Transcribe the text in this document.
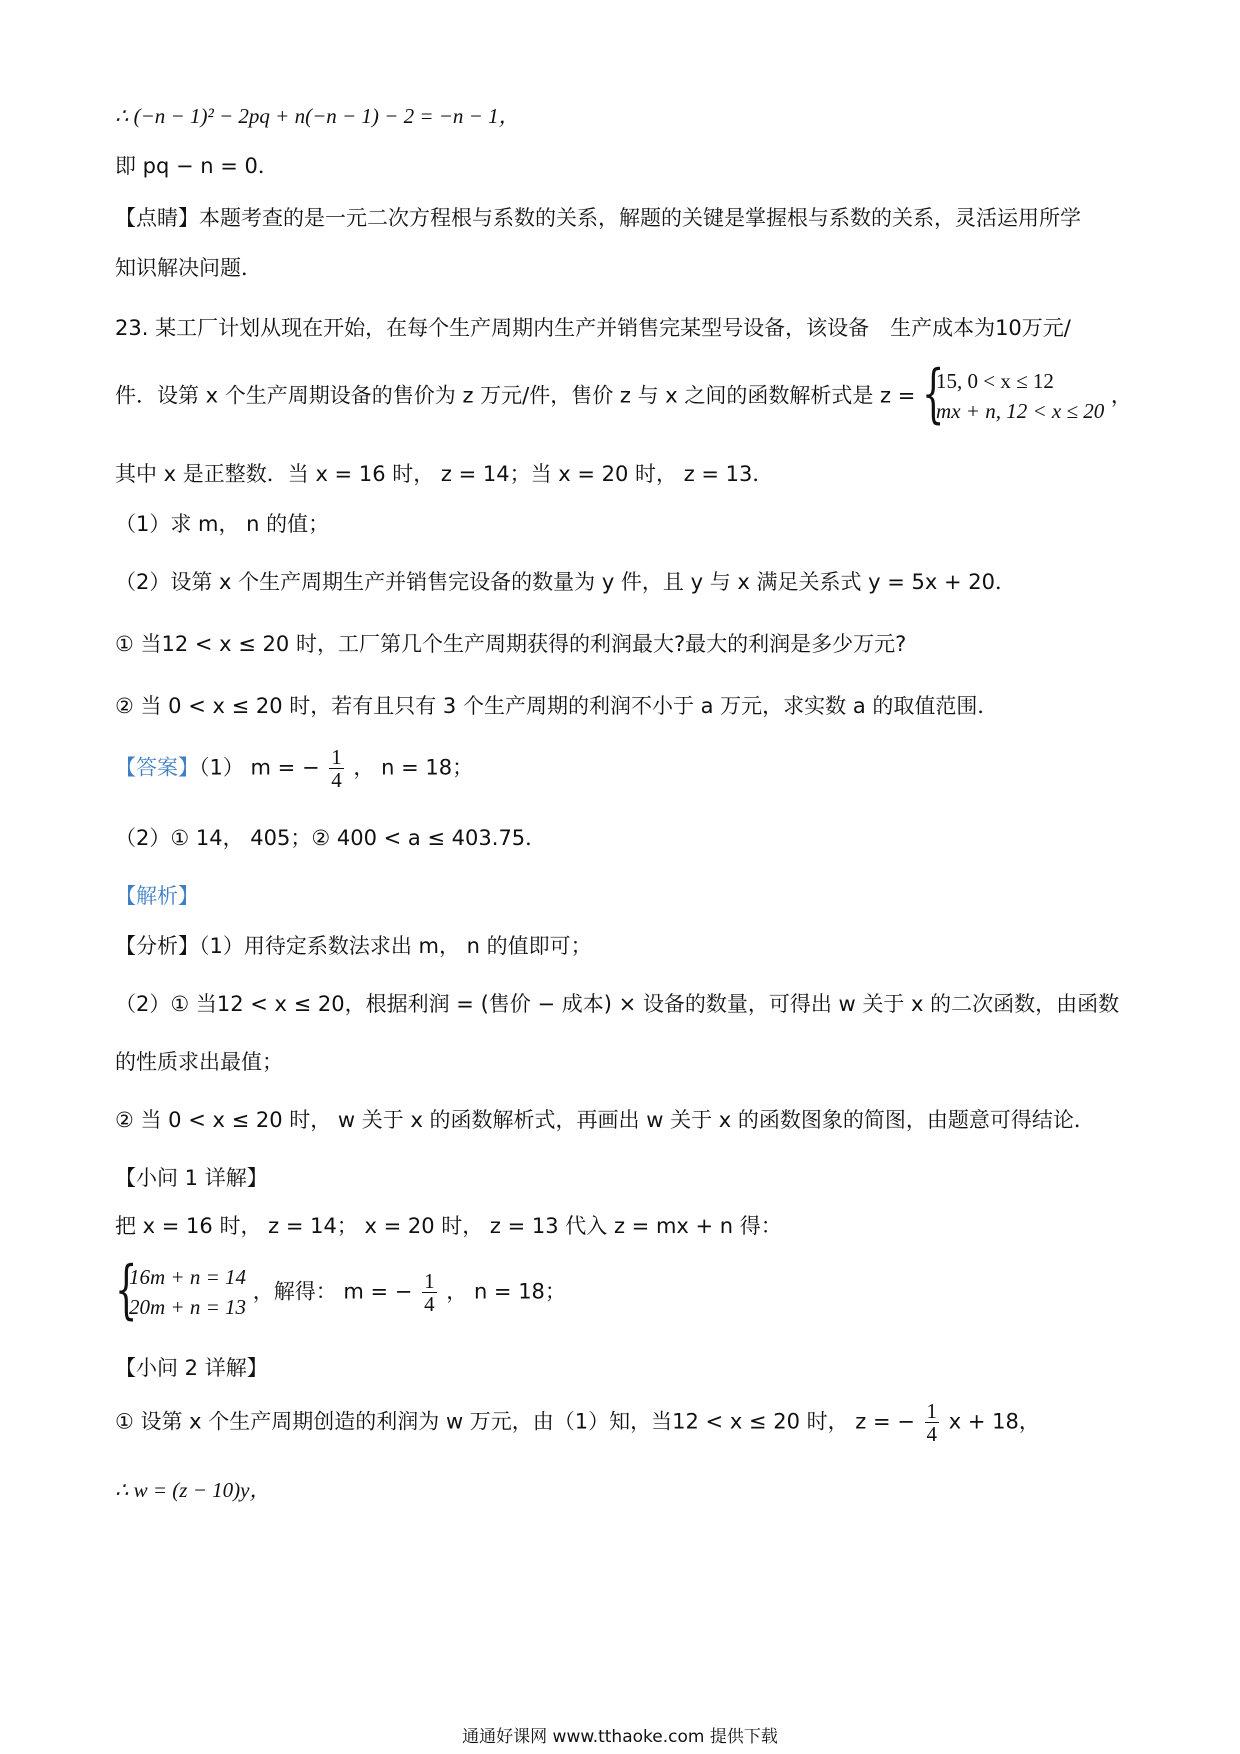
∴ (−n − 1)² − 2pq + n(−n − 1) − 2 = −n − 1，
即 pq − n = 0．
【点睛】本题考查的是一元二次方程根与系数的关系，解题的关键是掌握根与系数的关系，灵活运用所学
知识解决问题．
23. 某工厂计划从现在开始，在每个生产周期内生产并销售完某型号设备，该设备　生产成本为10万元/
件．设第 x 个生产周期设备的售价为 z 万元/件，售价 z 与 x 之间的函数解析式是 z = {
15, 0 < x ≤ 12
mx + n, 12 < x ≤ 20
，
其中 x 是正整数．当 x = 16 时， z = 14；当 x = 20 时， z = 13．
（1）求 m， n 的值；
（2）设第 x 个生产周期生产并销售完设备的数量为 y 件，且 y 与 x 满足关系式 y = 5x + 20．
① 当12 < x ≤ 20 时，工厂第几个生产周期获得的利润最大?最大的利润是多少万元?
② 当 0 < x ≤ 20 时，若有且只有 3 个生产周期的利润不小于 a 万元，求实数 a 的取值范围．
【答案】（1） m = − $\frac{1}{4}$ ， n = 18；
（2）① 14， 405；② 400 < a ≤ 403.75．
【解析】
【分析】（1）用待定系数法求出 m， n 的值即可；
（2）① 当12 < x ≤ 20，根据利润 = (售价 − 成本) × 设备的数量，可得出 w 关于 x 的二次函数，由函数
的性质求出最值；
② 当 0 < x ≤ 20 时， w 关于 x 的函数解析式，再画出 w 关于 x 的函数图象的简图，由题意可得结论．
【小问 1 详解】
把 x = 16 时， z = 14； x = 20 时， z = 13 代入 z = mx + n 得：
{
16m + n = 14
20m + n = 13
，解得： m = − $\frac{1}{4}$ ， n = 18；
【小问 2 详解】
① 设第 x 个生产周期创造的利润为 w 万元，由（1）知，当12 < x ≤ 20 时， z = − $\frac{1}{4}$ x + 18，
∴ w = (z − 10)y，
通通好课网 www.tthaoke.com 提供下载
